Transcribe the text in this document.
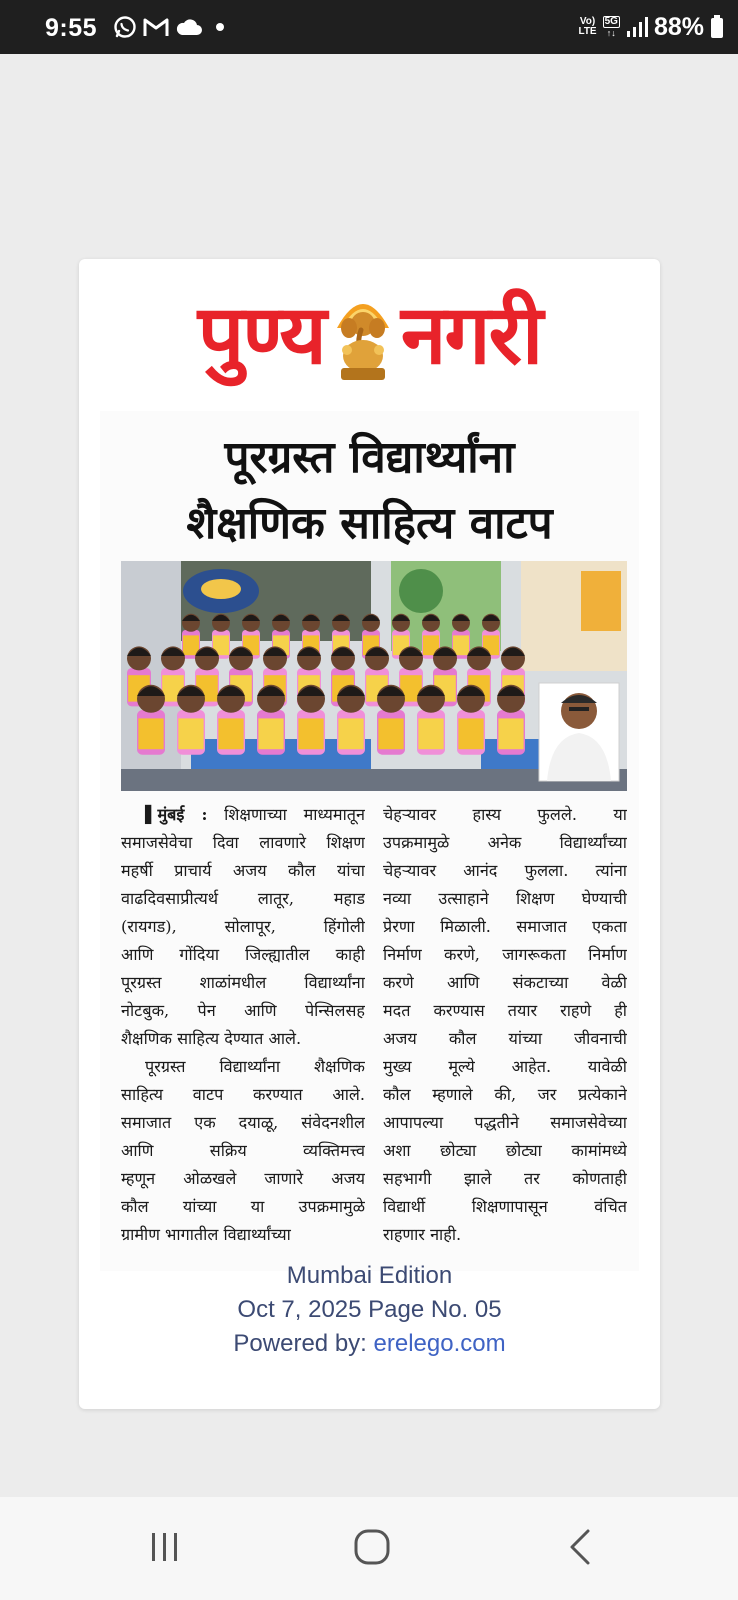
9:55	Vo)
LTE
5G
↑↓ 88%
पुण्य नगरी
पूरग्रस्त विद्यार्थ्यांना
शैक्षणिक साहित्य वाटप
▌मुंबई : शिक्षणाच्या माध्यमातून
समाजसेवेचा दिवा लावणारे शिक्षण
महर्षी प्राचार्य अजय कौल यांचा
वाढदिवसाप्रीत्यर्थ लातूर, महाड
(रायगड), सोलापूर, हिंगोली
आणि गोंदिया जिल्ह्यातील काही
पूरग्रस्त शाळांमधील विद्यार्थ्यांना
नोटबुक, पेन आणि पेन्सिलसह
शैक्षणिक साहित्य देण्यात आले.
पूरग्रस्त विद्यार्थ्यांना शैक्षणिक
साहित्य वाटप करण्यात आले.
समाजात एक दयाळू, संवेदनशील
आणि सक्रिय व्यक्तिमत्त्व
म्हणून ओळखले जाणारे अजय
कौल यांच्या या उपक्रमामुळे
ग्रामीण भागातील विद्यार्थ्यांच्या
चेहऱ्यावर हास्य फुलले. या
उपक्रमामुळे अनेक विद्यार्थ्यांच्या
चेहऱ्यावर आनंद फुलला. त्यांना
नव्या उत्साहाने शिक्षण घेण्याची
प्रेरणा मिळाली. समाजात एकता
निर्माण करणे, जागरूकता निर्माण
करणे आणि संकटाच्या वेळी
मदत करण्यास तयार राहणे ही
अजय कौल यांच्या जीवनाची
मुख्य मूल्ये आहेत. यावेळी
कौल म्हणाले की, जर प्रत्येकाने
आपापल्या पद्धतीने समाजसेवेच्या
अशा छोट्या छोट्या कामांमध्ये
सहभागी झाले तर कोणताही
विद्यार्थी शिक्षणापासून वंचित
राहणार नाही.
Mumbai Edition
Oct 7, 2025 Page No. 05
Powered by: erelego.com
